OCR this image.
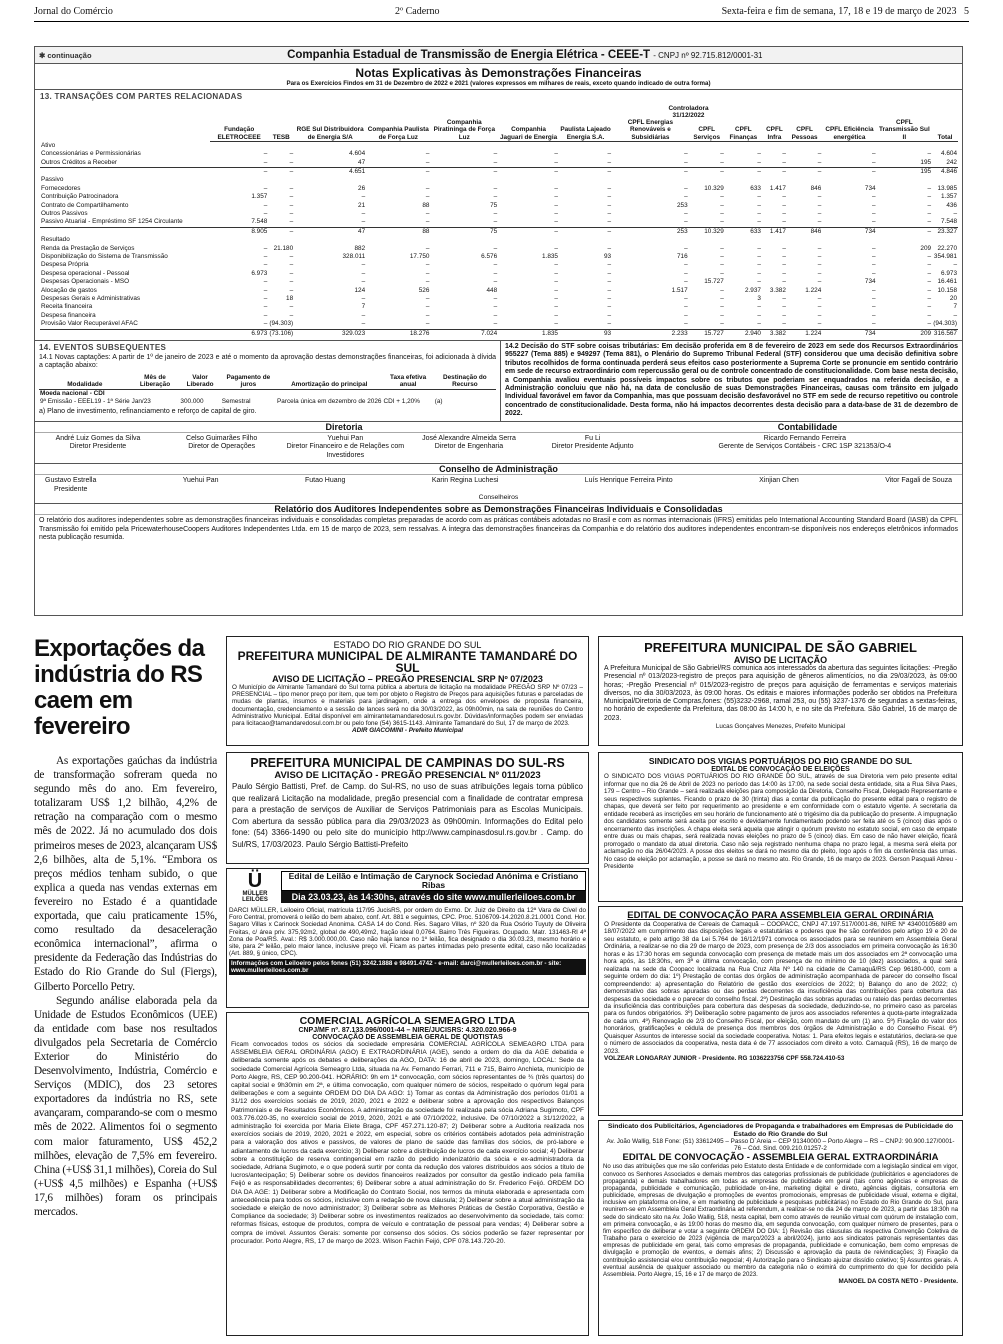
Jornal do Comércio	2º Caderno	Sexta-feira e fim de semana, 17, 18 e 19 de março de 2023 5
✱ continuação	Companhia Estadual de Transmissão de Energia Elétrica - CEEE-T - CNPJ nº 92.715.812/0001-31
Notas Explicativas às Demonstrações Financeiras
Para os Exercícios Findos em 31 de Dezembro de 2022 e 2021 (valores expressos em milhares de reais, exceto quando indicado de outra forma)
13. TRANSAÇÕES COM PARTES RELACIONADAS
Controladora
31/12/2022
	Fundação ELETROCEEE	TESB	RGE Sul Distribuidora de Energia S/A	Companhia Paulista de Força Luz	Companhia Piratininga de Força Luz	Companhia Jaguari de Energia	Paulista Lajeado Energia S.A.	CPFL Energias Renováveis e Subsidiárias	CPFL Serviços	CPFL Finanças	CPFL Infra	CPFL Pessoas	CPFL Eficiência energética	CPFL Transmissão Sul II	Total
Ativo															
Concessionárias e Permissionárias	–	–	4.604	–	–	–	–	–	–	–	–	–	–	–	4.604
Outros Créditos a Receber	–	–	47	–	–	–	–	–	–	–	–	–	–	195	242
	–	–	4.651	–	–	–	–	–	–	–	–	–	–	195	4.846
Passivo															
Fornecedores	–	–	26	–	–	–	–	–	10.329	633	1.417	846	734	–	13.985
Contribuição Patrocinadora	1.357	–	–	–	–	–	–	–	–	–	–	–	–	–	1.357
Contrato de Compartilhamento	–	–	21	88	75	–	–	253	–	–	–	–	–	–	436
Outros Passivos	–	–	–	–	–	–	–	–	–	–	–	–	–	–	–
Passivo Atuarial - Empréstimo SF 1254 Circulante	7.548	–	–	–	–	–	–	–	–	–	–	–	–	–	7.548
	8.905	–	47	88	75	–	–	253	10.329	633	1.417	846	734	–	23.327
Resultado															
Renda da Prestação de Serviços	–	21.180	882	–	–	–	–	–	–	–	–	–	–	209	22.270
Disponibilização do Sistema de Transmissão	–	–	328.011	17.750	6.576	1.835	93	716	–	–	–	–	–	–	354.981
Despesa Própria	–	–	–	–	–	–	–	–	–	–	–	–	–	–	–
Despesa operacional - Pessoal	6.973	–	–	–	–	–	–	–	–	–	–	–	–	–	6.973
Despesas Operacionais - MSO	–	–	–	–	–	–	–	–	15.727	–	–	–	734	–	16.461
Alocação de gastos	–	–	124	526	448	–	–	1.517	–	2.937	3.382	1.224	–	–	10.158
Despesas Gerais e Administrativas	–	18	–	–	–	–	–	–	–	3	–	–	–	–	20
Receita financeira	–	–	7	–	–	–	–	–	–	–	–	–	–	–	7
Despesa financeira	–	–	–	–	–	–	–	–	–	–	–	–	–	–	–
Provisão Valor Recuperável AFAC	–	(94.303)	–	–	–	–	–	–	–	–	–	–	–	–	(94.303)
	6.973	(73.106)	329.023	18.276	7.024	1.835	93	2.233	15.727	2.940	3.382	1.224	734	209	316.567
14. EVENTOS SUBSEQUENTES
14.1 Novas captações: A partir de 1º de janeiro de 2023 e até o momento da aprovação destas demonstrações financeiras, foi adicionada à dívida a captação abaixo:
Modalidade	Mês de Liberação	Valor Liberado	Pagamento de juros	Amortização do principal	Taxa efetiva anual	Destinação do Recurso
Moeda nacional - CDI						
9ª Emissão - EEEL19 - 1ª Série	Jan/23	300.000	Semestral	Parcela única em dezembro de 2026	CDI + 1,20%	(a)
a) Plano de investimento, refinanciamento e reforço de capital de giro.
14.2 Decisão do STF sobre coisas tributárias: Em decisão proferida em 8 de fevereiro de 2023 em sede dos Recursos Extraordinários 955227 (Tema 885) e 949297 (Tema 881), o Plenário do Supremo Tribunal Federal (STF) considerou que uma decisão definitiva sobre tributos recolhidos de forma continuada perderá seus efeitos caso posteriormente a Suprema Corte se pronuncie em sentido contrário em sede de recurso extraordinário com repercussão geral ou de controle concentrado de constitucionalidade. Com base nesta decisão, a Companhia avaliou eventuais possíveis impactos sobre os tributos que poderiam ser enquadrados na referida decisão, e a Administração concluiu que não há, na data de conclusão de suas Demonstrações Financeiras, causas com trânsito em julgado Individual favorável em favor da Companhia, mas que possuam decisão desfavorável no STF em sede de recurso repetitivo ou controle concentrado de constitucionalidade. Desta forma, não há impactos decorrentes desta decisão para a data-base de 31 de dezembro de 2022.
Diretoria	Contabilidade
André Luiz Gomes da Silva
Diretor Presidente
Celso Guimarães Filho
Diretor de Operações
Yuehui Pan
Diretor Financeiro e de Relações com Investidores
José Alexandre Almeida Serra
Diretor de Engenharia
Fu Li
Diretor Presidente Adjunto
Ricardo Fernando Ferreira
Gerente de Serviços Contábeis - CRC 1SP 321353/O-4
Conselho de Administração
Gustavo Estrella
Presidente
Yuehui Pan	Futao Huang	Karin Regina Luchesi	Luís Henrique Ferreira Pinto	Xinjian Chen	Vitor Fagali de Souza
Conselheiros
Relatório dos Auditores Independentes sobre as Demonstrações Financeiras Individuais e Consolidadas
O relatório dos auditores independentes sobre as demonstrações financeiras individuais e consolidadas completas preparadas de acordo com as práticas contábeis adotadas no Brasil e com as normas internacionais (IFRS) emitidas pelo International Accounting Standard Board (IASB) da CPFL Transmissão foi emitido pela PricewaterhouseCoopers Auditores Independentes Ltda. em 15 de março de 2023, sem ressalvas. A íntegra das demonstrações financeiras da Companhia e do relatório dos auditores independentes encontram-se disponíveis nos endereços eletrônicos informados nesta publicação resumida.
Exportações da indústria do RS caem em fevereiro

As exportações gaúchas da indústria de transformação sofreram queda no segundo mês do ano. Em fevereiro, totalizaram US$ 1,2 bilhão, 4,2% de retração na comparação com o mesmo mês de 2022. Já no acumulado dos dois primeiros meses de 2023, alcançaram US$ 2,6 bilhões, alta de 5,1%. “Embora os preços médios tenham subido, o que explica a queda nas vendas externas em fevereiro no Estado é a quantidade exportada, que caiu praticamente 15%, como resultado da desaceleração econômica internacional”, afirma o presidente da Federação das Indústrias do Estado do Rio Grande do Sul (Fiergs), Gilberto Porcello Petry.

Segundo análise elaborada pela da Unidade de Estudos Econômicos (UEE) da entidade com base nos resultados divulgados pela Secretaria de Comércio Exterior do Ministério do Desenvolvimento, Indústria, Comércio e Serviços (MDIC), dos 23 setores exportadores da indústria no RS, sete avançaram, comparando-se com o mesmo mês de 2022. Alimentos foi o segmento com maior faturamento, US$ 452,2 milhões, elevação de 7,5% em fevereiro. China (+US$ 31,1 milhões), Coreia do Sul (+US$ 4,5 milhões) e Espanha (+US$ 17,6 milhões) foram os principais mercados.

ESTADO DO RIO GRANDE DO SUL
PREFEITURA MUNICIPAL DE ALMIRANTE TAMANDARÉ DO SUL
AVISO DE LICITAÇÃO – PREGÃO PRESENCIAL SRP Nº 07/2023
O Município de Almirante Tamandaré do Sul torna pública a abertura de licitação na modalidade PREGÃO SRP Nº 07/23 – PRESENCIAL – tipo menor preço por item, que tem por objeto o Registro de Preços para aquisições futuras e parceladas de mudas de plantas, insumos e materiais para jardinagem, onde a entrega dos envelopes de proposta financeira, documentação, credenciamento e a sessão de lances será no dia 30/03/2022, às 09h00min, na sala de reuniões do Centro Administrativo Municipal. Edital disponível em almirantetamandaredosul.rs.gov.br. Dúvidas/informações podem ser enviadas para licitacao@tamandaredosul.com.br ou pelo fone (54) 3615-1143. Almirante Tamandaré do Sul, 17 de março de 2023.
ADIR GIACOMINI - Prefeito Municipal
PREFEITURA MUNICIPAL DE CAMPINAS DO SUL-RS
AVISO DE LICITAÇÃO - PREGÃO PRESENCIAL Nº 011/2023
Paulo Sérgio Battisti, Pref. de Camp. do Sul-RS, no uso de suas atribuições legais torna público que realizará Licitação na modalidade, pregão presencial com a finalidade de contratar empresa para a prestação de serviços de Auxiliar de Serviços Patrimoniais para as Escolas Municipais. Com abertura da sessão pública para dia 29/03/2023 às 09h00min. Informações do Edital pelo fone: (54) 3366-1490 ou pelo site do município http://www.campinasdosul.rs.gov.br . Camp. do Sul/RS, 17/03/2023. Paulo Sérgio Battisti-Prefeito
Ü
MÜLLER LEILÕES
Edital de Leilão e Intimação de Carynock Sociedad Anónima e Cristiano Ribas
Dia 23.03.23, às 14:30hs, através do site www.mullerleiloes.com.br
DARCI MÜLLER, Leiloeiro Oficial, matrícula 117/95 JucisRS, por ordem do Exmo. Dr. Juiz de Direito da 12ª Vara de Cível do Foro Central, promoverá o leilão do bem abaixo, conf. Art. 881 e seguintes, CPC. Proc. 5106709-14.2020.8.21.0001 Cond. Hor. Sagaro Villas x Carinock Sociedad Anonima. CASA 14 do Cond. Res. Sagaro Villas, nº 320 da Rua Osório Tuyuty de Oliveira Freitas, c/ área priv. 375,92m2, global de 490,49m2, fração ideal 0,0764. Bairro Três Figueiras. Ocupado. Matr. 131463-RI 4ª Zona de Poa/RS. Aval.: R$ 3.000.000,00. Caso não haja lance no 1º leilão, fica designado o dia 30.03.23, mesmo horário e site, para 2º leilão, pelo maior lance, inclusive preço vil. Ficam as partes intimadas pelo presente edital, caso não localizadas (Art. 889, § único, CPC).
Informações com Leiloeiro pelos fones (51) 3242.1888 e 98491.4742 - e-mail: darci@mullerleiloes.com.br - site: www.mullerleiloes.com.br
COMERCIAL AGRÍCOLA SEMEAGRO LTDA
CNPJ/MF nº. 87.133.096/0001-44 – NIRE/JUCISRS: 4.320.020.966-9
CONVOCAÇÃO DE ASSEMBLEIA GERAL DE QUOTISTAS
Ficam convocados todos os sócios da sociedade empresária COMERCIAL AGRÍCOLA SEMEAGRO LTDA para ASSEMBLEIA GERAL ORDINÁRIA (AGO) E EXTRAORDINÁRIA (AGE), sendo a ordem do dia da AGE debatida e deliberada somente após os debates e deliberações da AGO, DATA: 16 de abril de 2023, domingo, LOCAL: Sede da sociedade Comercial Agrícola Semeagro Ltda, situada na Av. Fernando Ferrari, 711 e 715, Bairro Anchieta, município de Porto Alegre, RS, CEP 90.200-041. HORÁRIO: 9h em 1ª convocação, com sócios representantes de ¾ (três quartos) do capital social e 9h30min em 2ª, e última convocação, com qualquer número de sócios, respeitado o quórum legal para deliberações e com a seguinte ORDEM DO DIA DA AGO: 1) Tomar as contas da Administração dos períodos 01/01 a 31/12 dos exercícios sociais de 2019, 2020, 2021 e 2022 e deliberar sobre a aprovação dos respectivos Balanços Patrimoniais e de Resultados Econômicos. A administração da sociedade foi realizada pela sócia Adriana Sugimoto, CPF 003.776.020-35, no exercício social de 2019, 2020, 2021 e até 07/10/2022, inclusive. De 07/10/2022 a 31/12/2022, a administração foi exercida por Maria Eliete Braga, CPF 457.271.120-87; 2) Deliberar sobre a Auditoria realizada nos exercícios sociais de 2019, 2020, 2021 e 2022, em especial, sobre os critérios contábeis adotados pela administração para a valoração dos ativos e passivos, de valores de plano de saúde das famílias dos sócios, de pró-labore e adiantamento de lucros da cada exercício; 3) Deliberar sobre a distribuição de lucros de cada exercício social; 4) Deliberar sobre a constituição de reserva contingencial em razão do pedido indenizatório da sócia e ex-administradora da sociedade, Adriana Sugimoto, e o que poderá surtir por conta da redução dos valores distribuídos aos sócios a título de lucros/antecipação; 5) Deliberar sobre os devidos financeiros realizados por consultor da gestão indicado pela família Feijó e as responsabilidades decorrentes; 6) Deliberar sobre a atual administração do Sr. Frederico Feijó. ORDEM DO DIA DA AGE: 1) Deliberar sobre a Modificação do Contrato Social, nos termos da minuta elaborada e apresentada com antecedência para todos os sócios, inclusive com a redação de nova cláusula; 2) Deliberar sobre a atual administração da sociedade e eleição de novo administrador; 3) Deliberar sobre as Melhores Práticas de Gestão Corporativa, Gestão e Compliance da sociedade; 3) Deliberar sobre os investimentos realizados ao desenvolvimento da sociedade, tais como: reformas físicas, estoque de produtos, compra de veículo e contratação de pessoal para vendas; 4) Deliberar sobre a compra de imóvel. Assuntos Gerais: somente por consenso dos sócios. Os sócios poderão se fazer representar por procurador. Porto Alegre, RS, 17 de março de 2023. Wilson Fachin Feijó, CPF 078.143.720-20.
PREFEITURA MUNICIPAL DE SÃO GABRIEL
AVISO DE LICITAÇÃO
A Prefeitura Municipal de São Gabriel/RS comunica aos interessados da abertura das seguintes licitações: -Pregão Presencial nº 013/2023-registro de preços para aquisição de gêneros alimentícios, no dia 29/03/2023, às 09:00 horas; -Pregão Presencial nº 015/2023-registro de preços para aquisição de ferramentas e serviços materiais diversos, no dia 30/03/2023, às 09:00 horas. Os editais e maiores informações poderão ser obtidos na Prefeitura Municipal/Diretoria de Compras,fones: (55)3232-2968, ramal 253, ou (55) 3237-1376 de segundas a sextas-feiras, no horário de expediente da Prefeitura, das 08:00 às 14:00 h, e no site da Prefeitura. São Gabriel, 16 de março de 2023.
Lucas Gonçalves Menezes, Prefeito Municipal
SINDICATO DOS VIGIAS PORTUÁRIOS DO RIO GRANDE DO SUL
EDITAL DE CONVOCAÇÃO DE ELEIÇÕES
O SINDICATO DOS VIGIAS PORTUÁRIOS DO RIO GRANDE DO SUL, através de sua Diretoria vem pelo presente edital informar que no dia 26 de Abril de 2023 no período das 14:00 às 17:00, na sede social desta entidade, sita a Rua Silva Paes, 179 – Centro – Rio Grande – será realizada eleições para composição da Diretoria, Conselho Fiscal, Delegado Representante e seus respectivos suplentes. Ficando o prazo de 30 (trinta) dias a contar da publicação do presente edital para o registro de chapas, que deverá ser feito por requerimento ao presidente e em conformidade com o estatuto vigente. A secretaria da entidade receberá as inscrições em seu horário de funcionamento até o trigésimo dia da publicação do presente. A impugnação dos candidatos somente será aceita por escrito e devidamente fundamentado podendo ser feita até os 5 (cinco) dias após o encerramento das inscrições. A chapa eleita será aquela que atingir o quórum previsto no estatuto social, em caso de empate entre duas ou mais chapas, será realizada novas eleições no prazo de 5 (cinco) dias. Em caso de não haver eleição, ficará prorrogado o mandato da atual diretoria. Caso não seja registrado nenhuma chapa no prazo legal, a mesma será eleita por aclamação no dia 26/04/2023. A posse dos eleitos se dará no mesmo dia do pleito, logo após o fim da conferência das urnas. No caso de eleição por aclamação, a posse se dará no mesmo ato. Rio Grande, 16 de março de 2023. Gerson Pasquali Abreu - Presidente
EDITAL DE CONVOCAÇÃO PARA ASSEMBLEIA GERAL ORDINÁRIA
O Presidente da Cooperativa de Cereais de Camaquã – COOPACC, CNPJ 47.197.517/0001-86, NIRE Nº 43400105689 em 18/07/2022 em cumprimento das disposições legais e estatutárias e poderes que lhe são conferidos pelo artigo 19 e 20 de seu estatuto, e pelo artigo 38 da Lei 5.764 de 16/12/1971 convoca os associados para se reunirem em Assembleia Geral Ordinária, a realizar-se no dia 29 de março de 2023, com presença de 2/3 dos associados em primeira convocação às 16:30 horas e às 17:30 horas em segunda convocação com presença de metade mais um dos associados em 2ª convocação uma hora após, às 18:30hs, em 3ª e última convocação, com presença de no mínimo de 10 (dez) associados, a qual será realizada na sede da Coopacc localizada na Rua Cruz Alta Nº 140 na cidade de Camaquã/RS Cep 96180-000, com a seguinte ordem do dia: 1º) Prestação de contas dos órgãos de administração acompanhada de parecer do conselho fiscal compreendendo: a) apresentação do Relatório de gestão dos exercícios de 2022; b) Balanço do ano de 2022; c) demonstrativo das sobras apuradas ou das perdas decorrentes da insuficiência das contribuições para cobertura das despesas da sociedade e o parecer do conselho fiscal. 2º) Destinação das sobras apuradas ou rateio das perdas decorrentes da insuficiência das contribuições para cobertura das despesas da sociedade, deduzindo-se, no primeiro caso as parcelas para os fundos obrigatórios. 3º) Deliberação sobre pagamento de juros aos associados referentes a quota-parte integralizada de cada um. 4º) Renovação de 2/3 do Conselho Fiscal, por eleição, com mandato de um (1) ano. 5º) Fixação do valor dos honorários, gratificações e cédula de presença dos membros dos órgãos de Administração e do Conselho Fiscal. 6º) Quaisquer Assuntos de interesse social da sociedade cooperativa. Notas: 1. Para efeitos legais e estatutários, declara-se que o número de associados da cooperativa, nesta data é de 77 associados com direito a voto. Camaquã (RS), 16 de março de 2023.
VOLZEAR LONGARAY JUNIOR - Presidente. RG 1036223756 CPF 558.724.410-53
Sindicato dos Publicitários, Agenciadores de Propaganda e trabalhadores em Empresas de Publicidade do Estado do Rio Grande do Sul
Av. João Wallig, 518 Fone: (51) 33612495 – Passo D´Areia – CEP 91340000 – Porto Alegre – RS – CNPJ: 90.900.127/0001-76 – Cód. Sind. 009.210.01257-2
EDITAL DE CONVOCAÇÃO - ASSEMBLEIA GERAL EXTRAORDINÁRIA
No uso das atribuições que me são conferidas pelo Estatuto desta Entidade e de conformidade com a legislação sindical em vigor, convoco os Senhores Associados e demais membros das categorias profissionais de publicidade (publicitários e agenciadores de propaganda) e demais trabalhadores em todas as empresas de publicidade em geral (tais como agências e empresas de propaganda, publicidade e comunicação, publicidade on-line, marketing digital e direto, agências digitais, consultoria em publicidade, empresas de divulgação e promoções de eventos promocionais, empresas de publicidade visual, externa e digital, inclusive em plataforma on-line, e em marketing de publicidade e pesquisas publicitárias) no Estado do Rio Grande do Sul, para reunirem-se em Assembleia Geral Extraordinária ad referendum, a realizar-se no dia 24 de março de 2023, a partir das 18:30h na sede do sindicato sito na Av. João Wallig, 518, nesta capital, bem como através de reunião virtual com quórum de instalação com, em primeira convocação, e às 19:00 horas do mesmo dia, em segunda convocação, com qualquer número de presentes, para o fim específico de deliberar e votar a seguinte ORDEM DO DIA: 1) Revisão das cláusulas da respectiva Convenção Coletiva de Trabalho para o exercício de 2023 (vigência de março/2023 a abril/2024), junto aos sindicatos patronais representantes das empresas de publicidade em geral, tais como empresas de propaganda, publicidade e comunicação, bem como empresas de divulgação e promoção de eventos, e demais afins; 2) Discussão e aprovação da pauta de reivindicações; 3) Fixação da contribuição assistencial e/ou contribuição negocial; 4) Autorização para o Sindicato ajuizar dissídio coletivo; 5) Assuntos gerais. A eventual ausência de qualquer associado ou membro da categoria não o eximirá do cumprimento do que for decidido pela Assembleia. Porto Alegre, 15, 16 e 17 de março de 2023.
MANOEL DA COSTA NETO - Presidente.
